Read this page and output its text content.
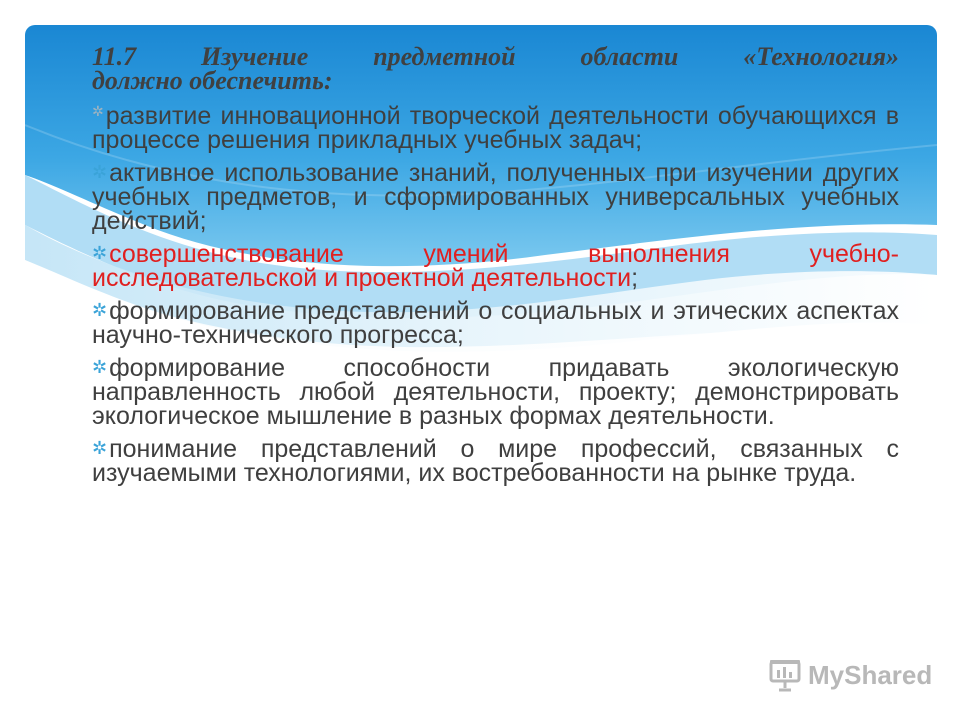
11.7 Изучение предметной области «Технология»
должно обеспечить:

✲развитие инновационной творческой деятельности обучающихся в процессе решения прикладных учебных задач;
✲активное использование знаний, полученных при изучении других учебных предметов, и сформированных универсальных учебных действий;
✲совершенствование умений выполнения учебно-исследовательской и проектной деятельности;
✲формирование представлений о социальных и этических аспектах научно-технического прогресса;
✲формирование способности придавать экологическую направленность любой деятельности, проекту; демонстрировать экологическое мышление в разных формах деятельности.
✲понимание представлений о мире профессий, связанных с изучаемыми технологиями, их востребованности на рынке труда.
MyShared
